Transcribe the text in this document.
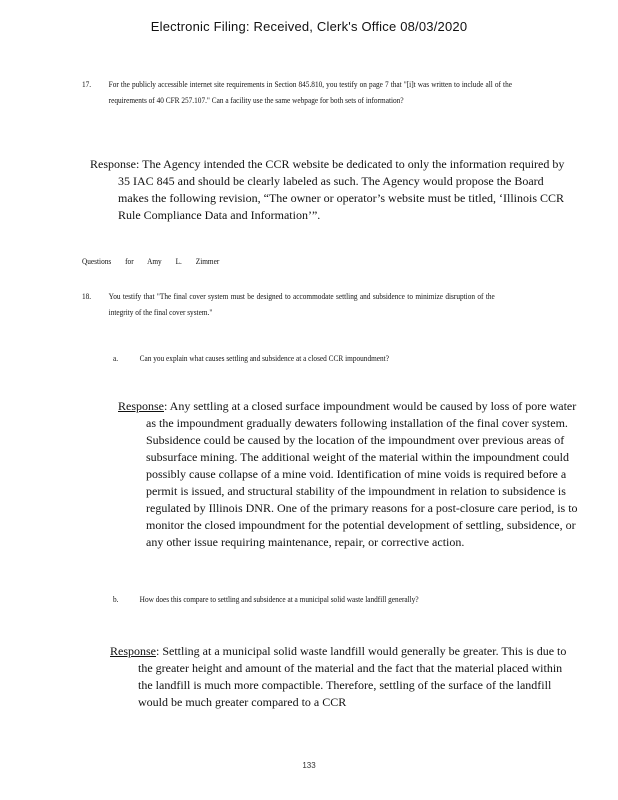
Electronic Filing: Received, Clerk's Office 08/03/2020
17. For the publicly accessible internet site requirements in Section 845.810, you testify on page 7 that "[i]t was written to include all of the requirements of 40 CFR 257.107." Can a facility use the same webpage for both sets of information?

Response: The Agency intended the CCR website be dedicated to only the information required by 35 IAC 845 and should be clearly labeled as such. The Agency would propose the Board makes the following revision, “The owner or operator’s website must be titled, ‘Illinois CCR Rule Compliance Data and Information’”.

Questions for Amy L. Zimmer
18. You testify that "The final cover system must be designed to accommodate settling and subsidence to minimize disruption of the integrity of the final cover system."
a.	Can you explain what causes settling and subsidence at a closed CCR impoundment?

Response: Any settling at a closed surface impoundment would be caused by loss of pore water as the impoundment gradually dewaters following installation of the final cover system. Subsidence could be caused by the location of the impoundment over previous areas of subsurface mining. The additional weight of the material within the impoundment could possibly cause collapse of a mine void. Identification of mine voids is required before a permit is issued, and structural stability of the impoundment in relation to subsidence is regulated by Illinois DNR. One of the primary reasons for a post-closure care period, is to monitor the closed impoundment for the potential development of settling, subsidence, or any other issue requiring maintenance, repair, or corrective action.

b. How does this compare to settling and subsidence at a municipal solid waste landfill generally?

Response: Settling at a municipal solid waste landfill would generally be greater. This is due to the greater height and amount of the material and the fact that the material placed within the landfill is much more compactible. Therefore, settling of the surface of the landfill would be much greater compared to a CCR

133
